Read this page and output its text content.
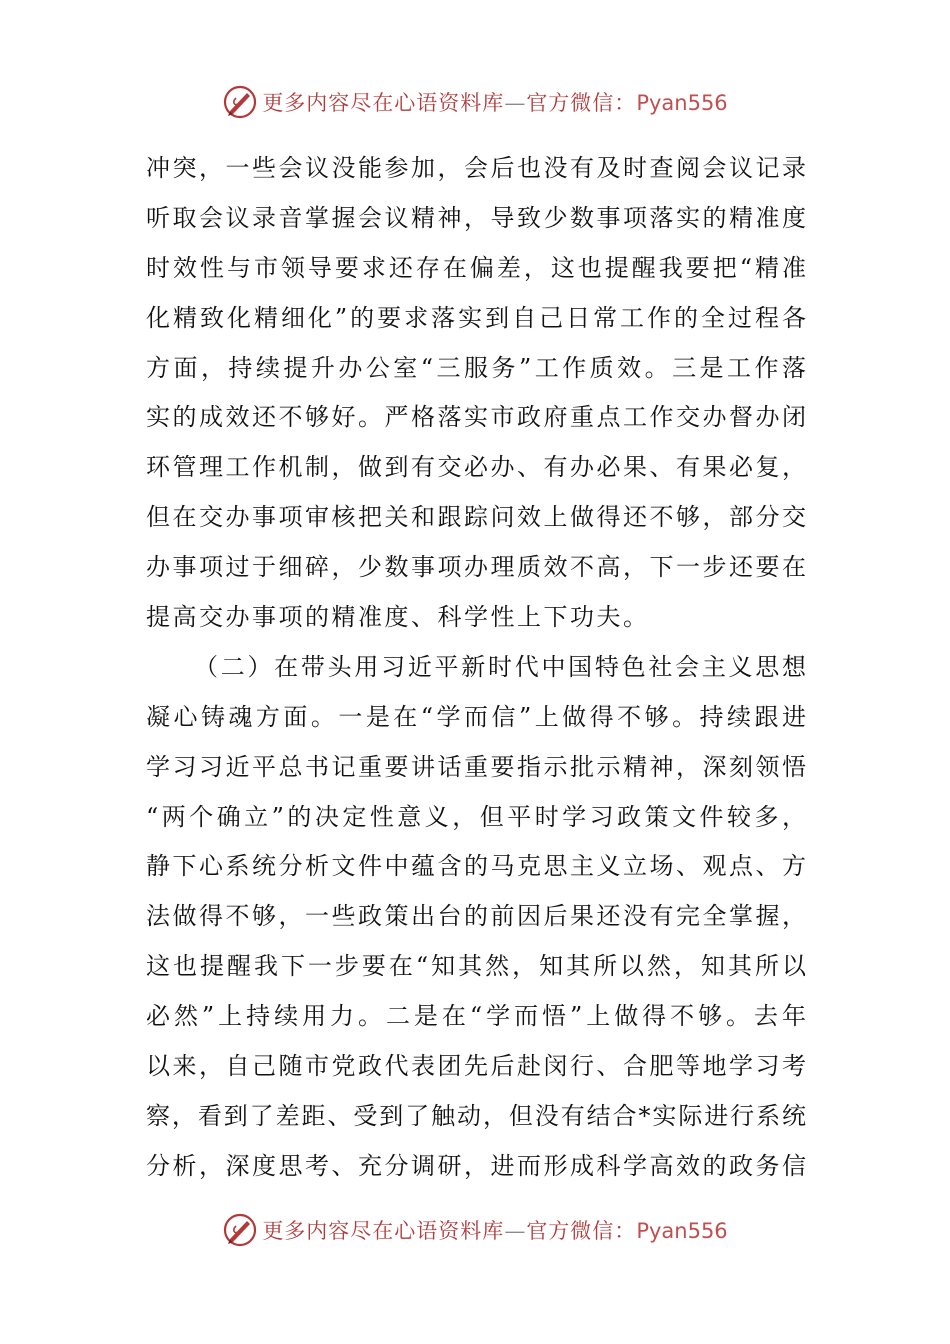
更多内容尽在心语资料库—官方微信：Pyan556
冲突，一些会议没能参加，会后也没有及时查阅会议记录
听取会议录音掌握会议精神，导致少数事项落实的精准度
时效性与市领导要求还存在偏差，这也提醒我要把“精准
化精致化精细化”的要求落实到自己日常工作的全过程各
方面，持续提升办公室“三服务”工作质效。三是工作落
实的成效还不够好。严格落实市政府重点工作交办督办闭
环管理工作机制，做到有交必办、有办必果、有果必复，
但在交办事项审核把关和跟踪问效上做得还不够，部分交
办事项过于细碎，少数事项办理质效不高，下一步还要在
提高交办事项的精准度、科学性上下功夫。
（二）在带头用习近平新时代中国特色社会主义思想
凝心铸魂方面。一是在“学而信”上做得不够。持续跟进
学习习近平总书记重要讲话重要指示批示精神，深刻领悟
“两个确立”的决定性意义，但平时学习政策文件较多，
静下心系统分析文件中蕴含的马克思主义立场、观点、方
法做得不够，一些政策出台的前因后果还没有完全掌握，
这也提醒我下一步要在“知其然，知其所以然，知其所以
必然”上持续用力。二是在“学而悟”上做得不够。去年
以来，自己随市党政代表团先后赴闵行、合肥等地学习考
察，看到了差距、受到了触动，但没有结合*实际进行系统
分析，深度思考、充分调研，进而形成科学高效的政务信
更多内容尽在心语资料库—官方微信：Pyan556
